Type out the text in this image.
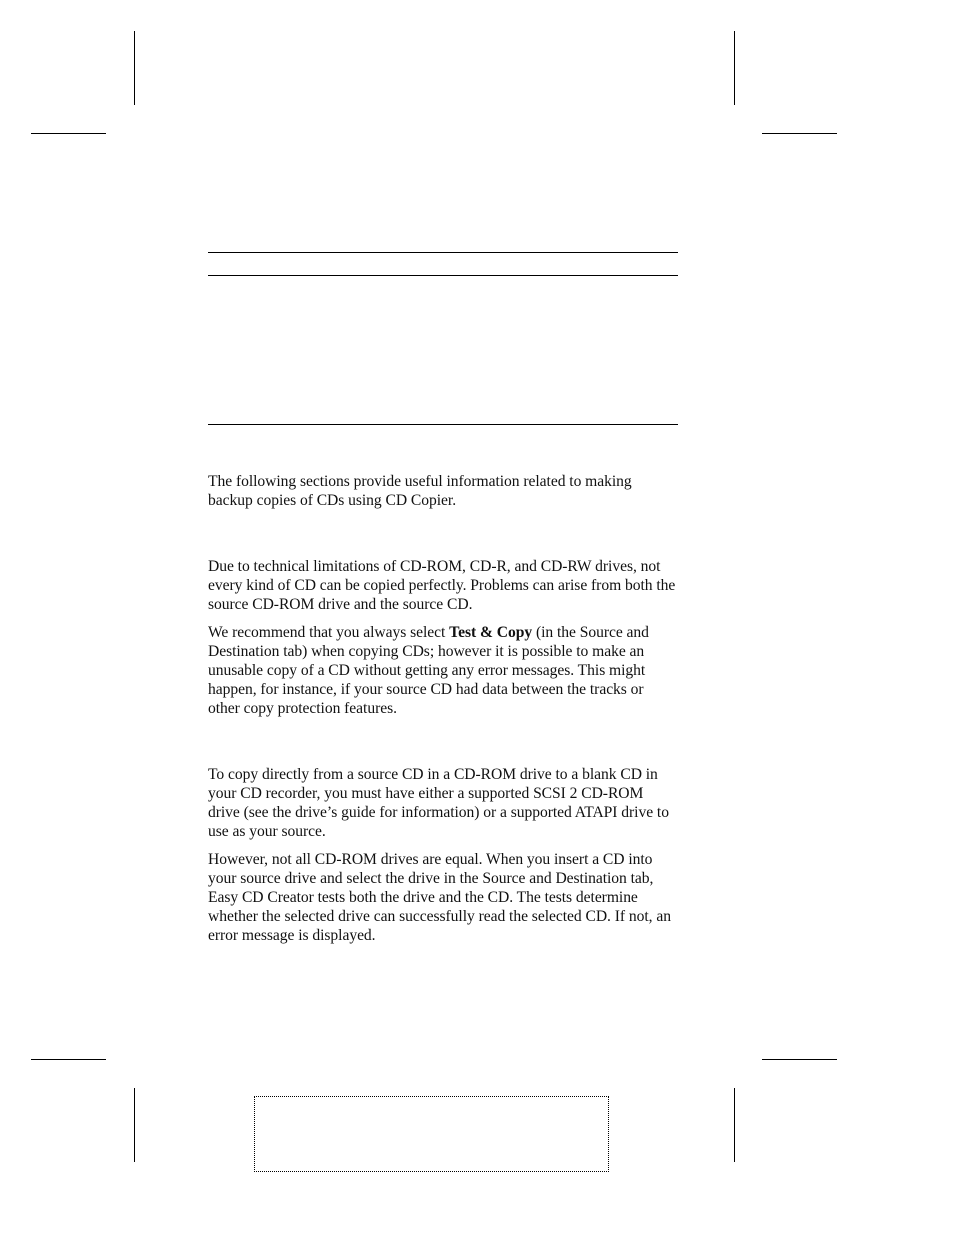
The following sections provide useful information related to making backup copies of CDs using CD Copier.

Due to technical limitations of CD-ROM, CD-R, and CD-RW drives, not every kind of CD can be copied perfectly. Problems can arise from both the source CD-ROM drive and the source CD.

We recommend that you always select Test & Copy (in the Source and Destination tab) when copying CDs; however it is possible to make an unusable copy of a CD without getting any error messages. This might happen, for instance, if your source CD had data between the tracks or other copy protection features.

To copy directly from a source CD in a CD-ROM drive to a blank CD in your CD recorder, you must have either a supported SCSI 2 CD-ROM drive (see the drive’s guide for information) or a supported ATAPI drive to use as your source.

However, not all CD-ROM drives are equal. When you insert a CD into your source drive and select the drive in the Source and Destination tab, Easy CD Creator tests both the drive and the CD. The tests determine whether the selected drive can successfully read the selected CD. If not, an error message is displayed.
